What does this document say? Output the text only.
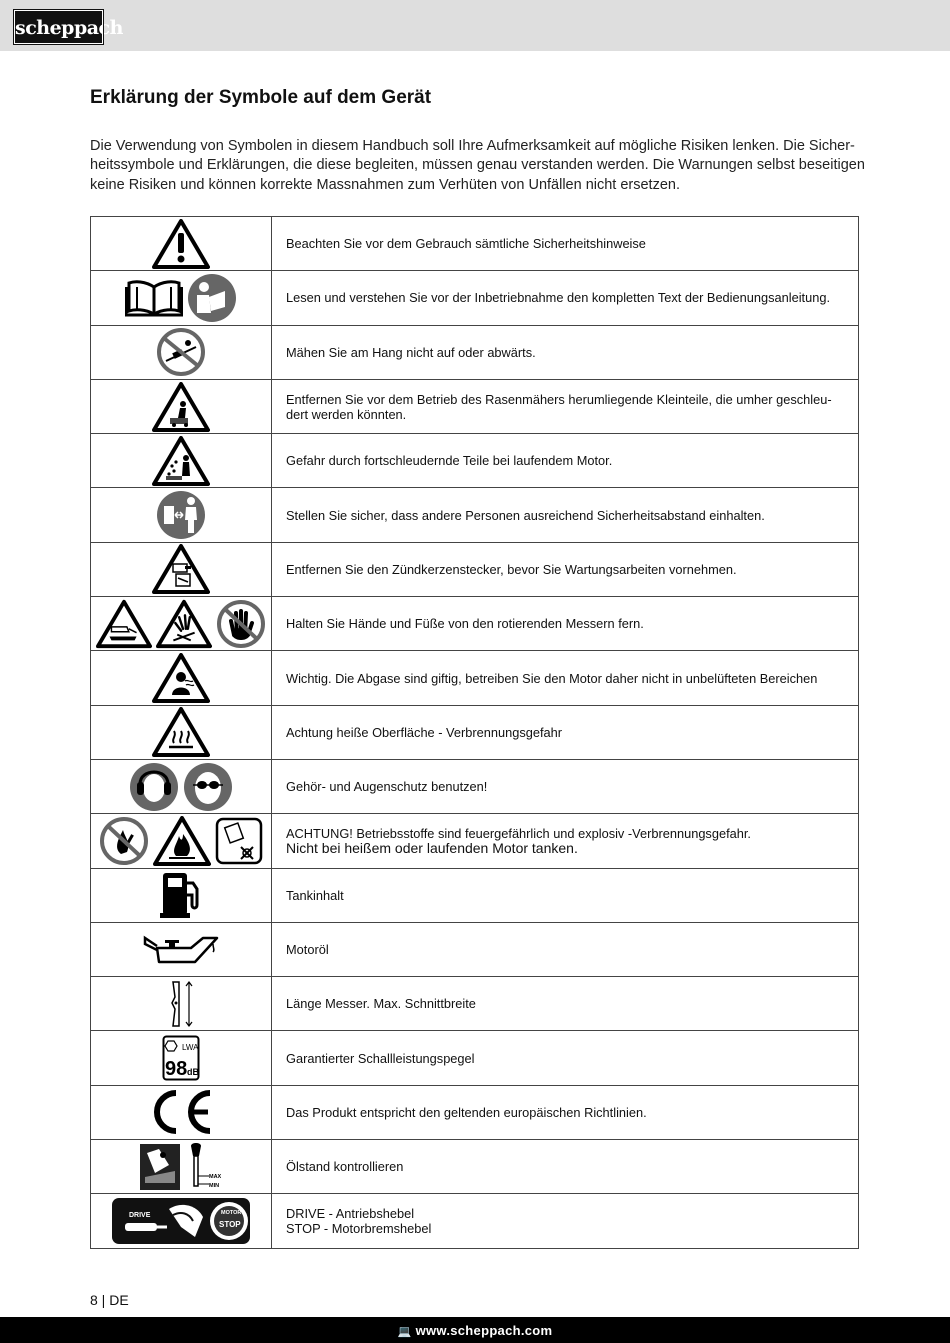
scheppach
Erklärung der Symbole auf dem Gerät

Die Verwendung von Symbolen in diesem Handbuch soll Ihre Aufmerksamkeit auf mögliche Risiken lenken. Die Sicherheitssymbole und Erklärungen, die diese begleiten, müssen genau verstanden werden. Die Warnungen selbst beseitigen keine Risiken und können korrekte Massnahmen zum Verhüten von Unfällen nicht ersetzen.

	Beachten Sie vor dem Gebrauch sämtliche Sicherheitshinweise

	Lesen und verstehen Sie vor der Inbetriebnahme den kompletten Text der Bedienungsanleitung.

	Mähen Sie am Hang nicht auf oder abwärts.

	Entfernen Sie vor dem Betrieb des Rasenmähers herumliegende Kleinteile, die umher geschleudert werden könnten.

	Gefahr durch fortschleudernde Teile bei laufendem Motor.

	Stellen Sie sicher, dass andere Personen ausreichend Sicherheitsabstand einhalten.

	Entfernen Sie den Zündkerzenstecker, bevor Sie Wartungsarbeiten vornehmen.

	Halten Sie Hände und Füße von den rotierenden Messern fern.

	Wichtig. Die Abgase sind giftig, betreiben Sie den Motor daher nicht in unbelüfteten Bereichen

	Achtung heiße Oberfläche - Verbrennungsgefahr

	Gehör- und Augenschutz benutzen!

	ACHTUNG! Betriebsstoffe sind feuergefährlich und explosiv -Verbrennungsgefahr.
Nicht bei heißem oder laufenden Motor tanken.

	Tankinhalt

	Motoröl

	Länge Messer. Max. Schnittbreite

LWA
98 dB	Garantierter Schallleistungspegel

	Das Produkt entspricht den geltenden europäischen Richtlinien.

MAX
MIN	Ölstand kontrollieren

DRIVE MOTOR
STOP	DRIVE - Antriebshebel
STOP - Motorbremshebel
8 | DE
💻 www.scheppach.com
